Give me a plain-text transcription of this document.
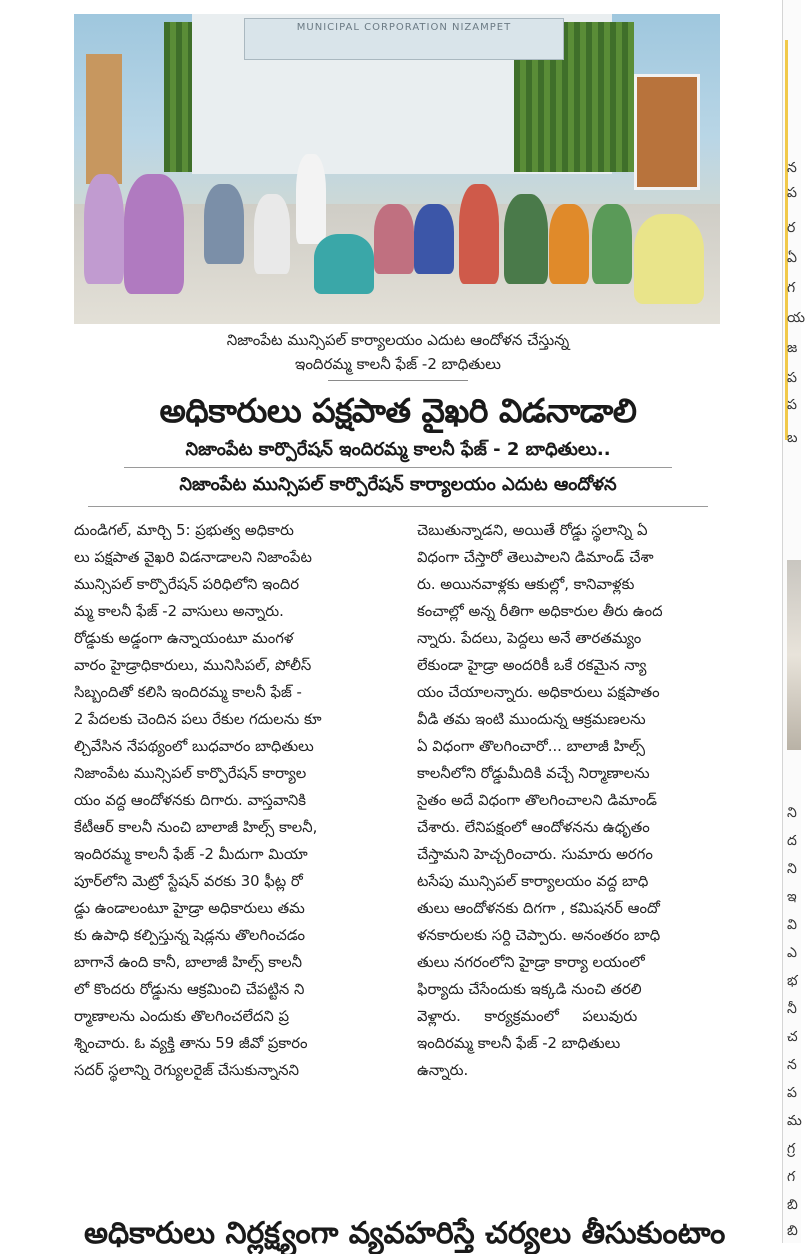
MUNICIPAL CORPORATION NIZAMPET
నిజాంపేట మున్సిపల్ కార్యాలయం ఎదుట ఆందోళన చేస్తున్న
ఇందిరమ్మ కాలనీ ఫేజ్ -2 బాధితులు
అధికారులు పక్షపాత వైఖరి విడనాడాలి
నిజాంపేట కార్పొరేషన్ ఇందిరమ్మ కాలనీ ఫేజ్ - 2 బాధితులు..
నిజాంపేట మున్సిపల్ కార్పొరేషన్ కార్యాలయం ఎదుట ఆందోళన
దుండిగల్, మార్చి 5: ప్రభుత్వ అధికారు
లు పక్షపాత వైఖరి విడనాడాలని నిజాంపేట
మున్సిపల్ కార్పొరేషన్ పరిధిలోని ఇందిర
మ్మ కాలనీ ఫేజ్ -2 వాసులు అన్నారు.
రోడ్డుకు అడ్డంగా ఉన్నాయంటూ మంగళ
వారం హైడ్రాధికారులు, మునిసిపల్, పోలీస్
సిబ్బందితో కలిసి ఇందిరమ్మ కాలనీ ఫేజ్ -
2 పేదలకు చెందిన పలు రేకుల గదులను కూ
ల్చివేసిన నేపథ్యంలో బుధవారం బాధితులు
నిజాంపేట మున్సిపల్ కార్పొరేషన్ కార్యాల
యం వద్ద ఆందోళనకు దిగారు. వాస్తవానికి
కేటీఆర్ కాలనీ నుంచి బాలాజీ హిల్స్ కాలనీ,
ఇందిరమ్మ కాలనీ ఫేజ్ -2 మీదుగా మియా
పూర్‌లోని మెట్రో స్టేషన్ వరకు 30 ఫీట్ల రో
డ్డు ఉండాలంటూ హైడ్రా అధికారులు తమ
కు ఉపాధి కల్పిస్తున్న షెడ్లను తొలగించడం
బాగానే ఉంది కానీ, బాలాజీ హిల్స్ కాలనీ
లో కొందరు రోడ్డును ఆక్రమించి చేపట్టిన ని
ర్మాణాలను ఎందుకు తొలగించలేదని ప్ర
శ్నించారు. ఓ వ్యక్తి తాను 59 జీవో ప్రకారం
సదర్ స్థలాన్ని రెగ్యులరైజ్ చేసుకున్నానని
చెబుతున్నాడని, అయితే రోడ్డు స్థలాన్ని ఏ
విధంగా చేస్తారో తెలుపాలని డిమాండ్ చేశా
రు. అయినవాళ్లకు ఆకుల్లో, కానివాళ్లకు
కంచాల్లో అన్న రీతిగా అధికారుల తీరు ఉంద
న్నారు. పేదలు, పెద్దలు అనే తారతమ్యం
లేకుండా హైడ్రా అందరికీ ఒకే రకమైన న్యా
యం చేయాలన్నారు. అధికారులు పక్షపాతం
వీడి తమ ఇంటి ముందున్న ఆక్రమణలను
ఏ విధంగా తొలగించారో... బాలాజీ హిల్స్
కాలనీలోని రోడ్డుమీదికి వచ్చే నిర్మాణాలను
సైతం అదే విధంగా తొలగించాలని డిమాండ్
చేశారు. లేనిపక్షంలో ఆందోళనను ఉధృతం
చేస్తామని హెచ్చరించారు. సుమారు అరగం
టసేపు మున్సిపల్ కార్యాలయం వద్ద బాధి
తులు ఆందోళనకు దిగగా , కమిషనర్ ఆందో
ళనకారులకు సర్ది చెప్పారు. అనంతరం బాధి
తులు నగరంలోని హైడ్రా కార్యా లయంలో
ఫిర్యాదు చేసేందుకు ఇక్కడి నుంచి తరలి
వెళ్లారు.     కార్యక్రమంలో     పలువురు
ఇందిరమ్మ కాలనీ ఫేజ్ -2 బాధితులు
ఉన్నారు.
అధికారులు నిర్లక్ష్యంగా వ్యవహరిస్తే చర్యలు తీసుకుంటాం
న
ప
ర
ఏ
గ
య
జ
ప
ప
బ
ని
ద
ని
ఇ
వి
ఎ
భ
నీ
చ
న
ప
మ
గ్ర
గ
బి
బి
